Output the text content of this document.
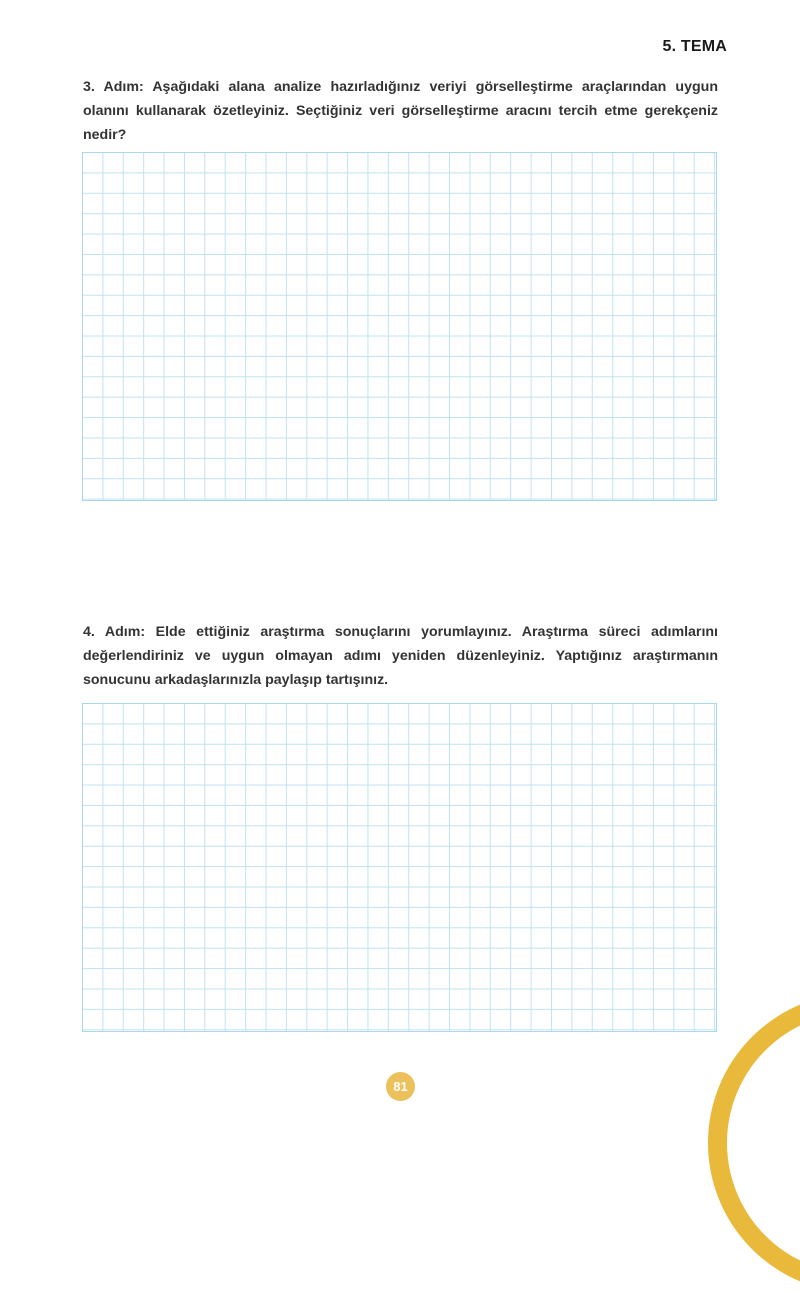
5. TEMA
3. Adım: Aşağıdaki alana analize hazırladığınız veriyi görselleştirme araçlarından uygun olanını kullanarak özetleyiniz. Seçtiğiniz veri görselleştirme aracını tercih etme gerekçeniz nedir?
4. Adım: Elde ettiğiniz araştırma sonuçlarını yorumlayınız. Araştırma süreci adımlarını değerlendiriniz ve uygun olmayan adımı yeniden düzenleyiniz. Yaptığınız araştırmanın sonucunu arkadaşlarınızla paylaşıp tartışınız.
81
